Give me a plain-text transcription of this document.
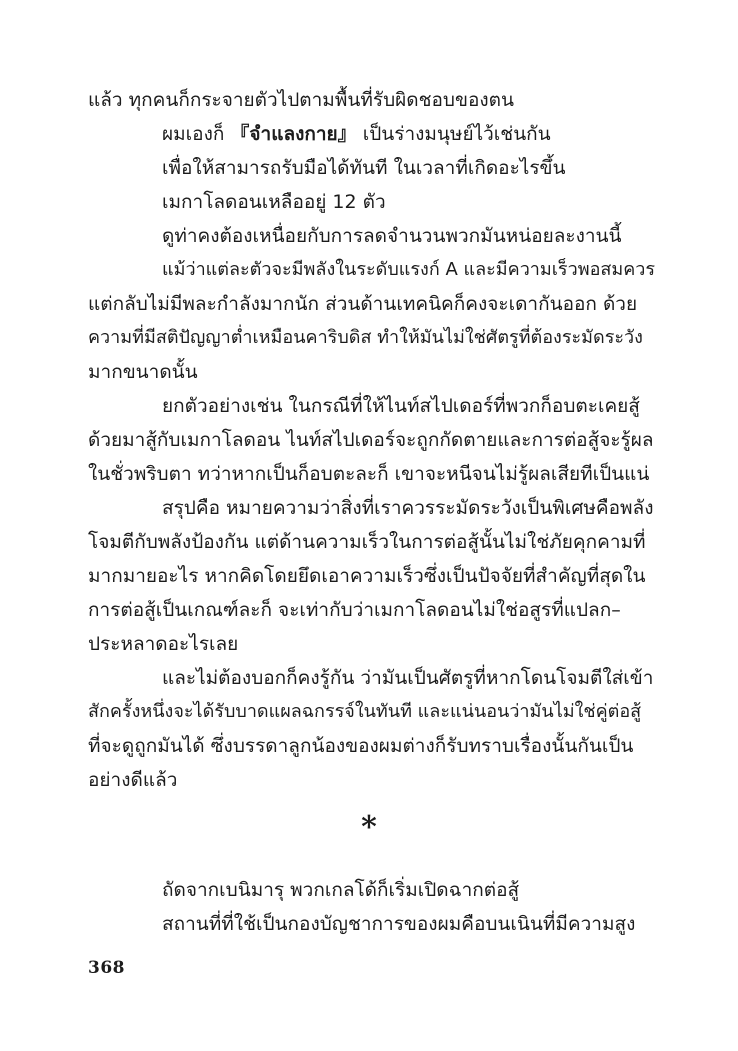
แล้ว ทุกคนก็กระจายตัวไปตามพื้นที่รับผิดชอบของตน
ผมเองก็ 『จำแลงกาย』 เป็นร่างมนุษย์ไว้เช่นกัน
เพื่อให้สามารถรับมือได้ทันที ในเวลาที่เกิดอะไรขึ้น
เมกาโลดอนเหลืออยู่ 12 ตัว
ดูท่าคงต้องเหนื่อยกับการลดจำนวนพวกมันหน่อยละงานนี้
แม้ว่าแต่ละตัวจะมีพลังในระดับแรงก์ A และมีความเร็วพอสมควร
แต่กลับไม่มีพละกำลังมากนัก ส่วนด้านเทคนิคก็คงจะเดากันออก ด้วย
ความที่มีสติปัญญาต่ำเหมือนคาริบดิส ทำให้มันไม่ใช่ศัตรูที่ต้องระมัดระวัง
มากขนาดนั้น
ยกตัวอย่างเช่น ในกรณีที่ให้ไนท์สไปเดอร์ที่พวกก็อบตะเคยสู้
ด้วยมาสู้กับเมกาโลดอน ไนท์สไปเดอร์จะถูกกัดตายและการต่อสู้จะรู้ผล
ในชั่วพริบตา ทว่าหากเป็นก็อบตะละก็ เขาจะหนีจนไม่รู้ผลเสียทีเป็นแน่
สรุปคือ หมายความว่าสิ่งที่เราควรระมัดระวังเป็นพิเศษคือพลัง
โจมตีกับพลังป้องกัน แต่ด้านความเร็วในการต่อสู้นั้นไม่ใช่ภัยคุกคามที่
มากมายอะไร หากคิดโดยยึดเอาความเร็วซึ่งเป็นปัจจัยที่สำคัญที่สุดใน
การต่อสู้เป็นเกณฑ์ละก็ จะเท่ากับว่าเมกาโลดอนไม่ใช่อสูรที่แปลก–
ประหลาดอะไรเลย
และไม่ต้องบอกก็คงรู้กัน ว่ามันเป็นศัตรูที่หากโดนโจมตีใส่เข้า
สักครั้งหนึ่งจะได้รับบาดแผลฉกรรจ์ในทันที และแน่นอนว่ามันไม่ใช่คู่ต่อสู้
ที่จะดูถูกมันได้ ซึ่งบรรดาลูกน้องของผมต่างก็รับทราบเรื่องนั้นกันเป็น
อย่างดีแล้ว
*
ถัดจากเบนิมารุ พวกเกลโด้ก็เริ่มเปิดฉากต่อสู้
สถานที่ที่ใช้เป็นกองบัญชาการของผมคือบนเนินที่มีความสูง
368
